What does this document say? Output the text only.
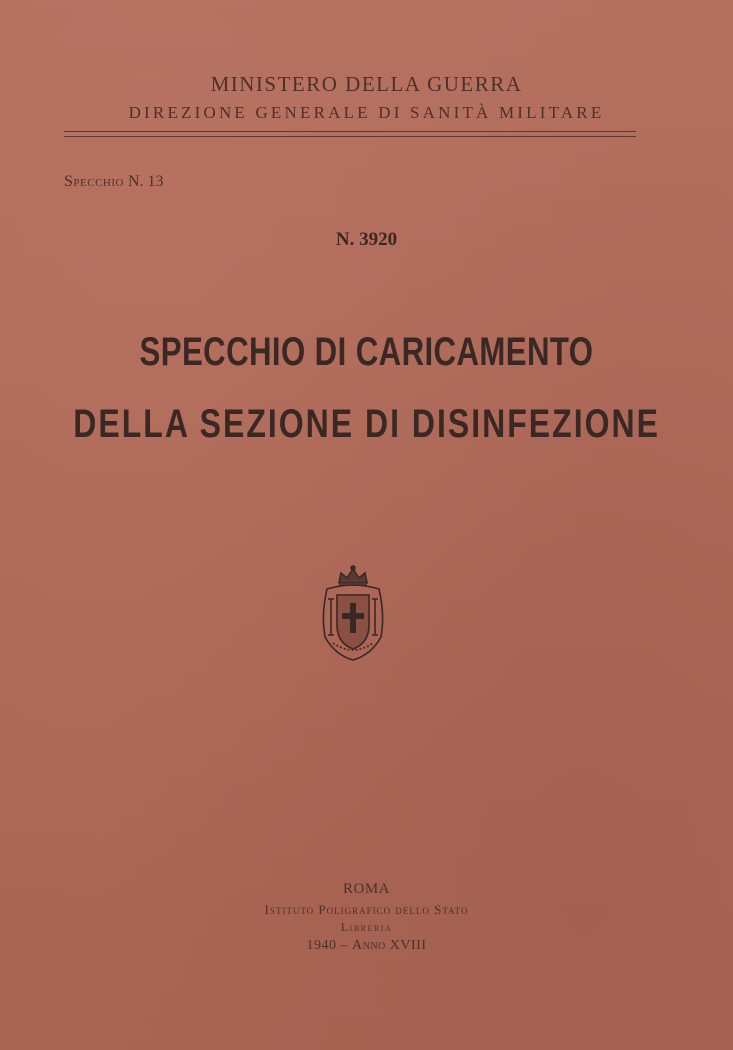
MINISTERO DELLA GUERRA
DIREZIONE GENERALE DI SANITÀ MILITARE
Specchio N. 13
N. 3920
SPECCHIO DI CARICAMENTO
DELLA SEZIONE DI DISINFEZIONE
ROMA
Istituto Poligrafico dello Stato
Libreria
1940 – Anno XVIII
